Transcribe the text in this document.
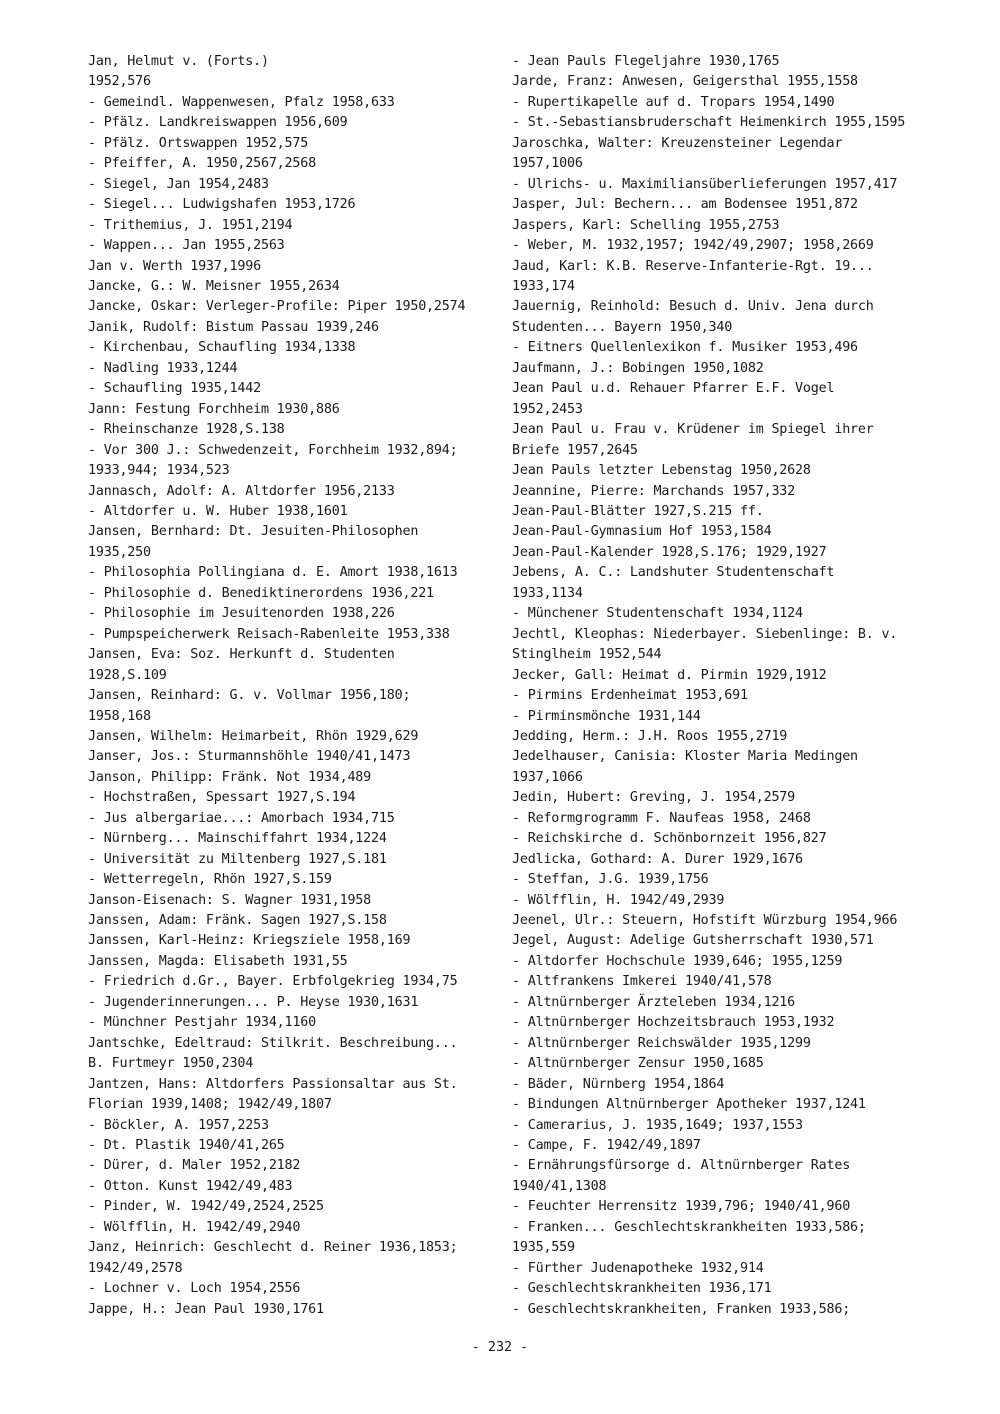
Jan, Helmut v. (Forts.)
1952,576
- Gemeindl. Wappenwesen, Pfalz 1958,633
- Pfälz. Landkreiswappen 1956,609
- Pfälz. Ortswappen 1952,575
- Pfeiffer, A. 1950,2567,2568
- Siegel, Jan 1954,2483
- Siegel... Ludwigshafen 1953,1726
- Trithemius, J. 1951,2194
- Wappen... Jan 1955,2563
Jan v. Werth 1937,1996
Jancke, G.: W. Meisner 1955,2634
Jancke, Oskar: Verleger-Profile: Piper 1950,2574
Janik, Rudolf: Bistum Passau 1939,246
- Kirchenbau, Schaufling 1934,1338
- Nadling 1933,1244
- Schaufling 1935,1442
Jann: Festung Forchheim 1930,886
- Rheinschanze 1928,S.138
- Vor 300 J.: Schwedenzeit, Forchheim 1932,894;
1933,944; 1934,523
Jannasch, Adolf: A. Altdorfer 1956,2133
- Altdorfer u. W. Huber 1938,1601
Jansen, Bernhard: Dt. Jesuiten-Philosophen
1935,250
- Philosophia Pollingiana d. E. Amort 1938,1613
- Philosophie d. Benediktinerordens 1936,221
- Philosophie im Jesuitenorden 1938,226
- Pumpspeicherwerk Reisach-Rabenleite 1953,338
Jansen, Eva: Soz. Herkunft d. Studenten
1928,S.109
Jansen, Reinhard: G. v. Vollmar 1956,180;
1958,168
Jansen, Wilhelm: Heimarbeit, Rhön 1929,629
Janser, Jos.: Sturmannshöhle 1940/41,1473
Janson, Philipp: Fränk. Not 1934,489
- Hochstraßen, Spessart 1927,S.194
- Jus albergariae...: Amorbach 1934,715
- Nürnberg... Mainschiffahrt 1934,1224
- Universität zu Miltenberg 1927,S.181
- Wetterregeln, Rhön 1927,S.159
Janson-Eisenach: S. Wagner 1931,1958
Janssen, Adam: Fränk. Sagen 1927,S.158
Janssen, Karl-Heinz: Kriegsziele 1958,169
Janssen, Magda: Elisabeth 1931,55
- Friedrich d.Gr., Bayer. Erbfolgekrieg 1934,75
- Jugenderinnerungen... P. Heyse 1930,1631
- Münchner Pestjahr 1934,1160
Jantschke, Edeltraud: Stilkrit. Beschreibung...
B. Furtmeyr 1950,2304
Jantzen, Hans: Altdorfers Passionsaltar aus St.
Florian 1939,1408; 1942/49,1807
- Böckler, A. 1957,2253
- Dt. Plastik 1940/41,265
- Dürer, d. Maler 1952,2182
- Otton. Kunst 1942/49,483
- Pinder, W. 1942/49,2524,2525
- Wölfflin, H. 1942/49,2940
Janz, Heinrich: Geschlecht d. Reiner 1936,1853;
1942/49,2578
- Lochner v. Loch 1954,2556
Jappe, H.: Jean Paul 1930,1761
- Jean Pauls Flegeljahre 1930,1765
Jarde, Franz: Anwesen, Geigersthal 1955,1558
- Rupertikapelle auf d. Tropars 1954,1490
- St.-Sebastiansbruderschaft Heimenkirch 1955,1595
Jaroschka, Walter: Kreuzensteiner Legendar
1957,1006
- Ulrichs- u. Maximiliansüberlieferungen 1957,417
Jasper, Jul: Bechern... am Bodensee 1951,872
Jaspers, Karl: Schelling 1955,2753
- Weber, M. 1932,1957; 1942/49,2907; 1958,2669
Jaud, Karl: K.B. Reserve-Infanterie-Rgt. 19...
1933,174
Jauernig, Reinhold: Besuch d. Univ. Jena durch
Studenten... Bayern 1950,340
- Eitners Quellenlexikon f. Musiker 1953,496
Jaufmann, J.: Bobingen 1950,1082
Jean Paul u.d. Rehauer Pfarrer E.F. Vogel
1952,2453
Jean Paul u. Frau v. Krüdener im Spiegel ihrer
Briefe 1957,2645
Jean Pauls letzter Lebenstag 1950,2628
Jeannine, Pierre: Marchands 1957,332
Jean-Paul-Blätter 1927,S.215 ff.
Jean-Paul-Gymnasium Hof 1953,1584
Jean-Paul-Kalender 1928,S.176; 1929,1927
Jebens, A. C.: Landshuter Studentenschaft
1933,1134
- Münchener Studentenschaft 1934,1124
Jechtl, Kleophas: Niederbayer. Siebenlinge: B. v.
Stinglheim 1952,544
Jecker, Gall: Heimat d. Pirmin 1929,1912
- Pirmins Erdenheimat 1953,691
- Pirminsmönche 1931,144
Jedding, Herm.: J.H. Roos 1955,2719
Jedelhauser, Canisia: Kloster Maria Medingen
1937,1066
Jedin, Hubert: Greving, J. 1954,2579
- Reformgrogramm F. Naufeas 1958, 2468
- Reichskirche d. Schönbornzeit 1956,827
Jedlicka, Gothard: A. Durer 1929,1676
- Steffan, J.G. 1939,1756
- Wölfflin, H. 1942/49,2939
Jeenel, Ulr.: Steuern, Hofstift Würzburg 1954,966
Jegel, August: Adelige Gutsherrschaft 1930,571
- Altdorfer Hochschule 1939,646; 1955,1259
- Altfrankens Imkerei 1940/41,578
- Altnürnberger Ärzteleben 1934,1216
- Altnürnberger Hochzeitsbrauch 1953,1932
- Altnürnberger Reichswälder 1935,1299
- Altnürnberger Zensur 1950,1685
- Bäder, Nürnberg 1954,1864
- Bindungen Altnürnberger Apotheker 1937,1241
- Camerarius, J. 1935,1649; 1937,1553
- Campe, F. 1942/49,1897
- Ernährungsfürsorge d. Altnürnberger Rates
1940/41,1308
- Feuchter Herrensitz 1939,796; 1940/41,960
- Franken... Geschlechtskrankheiten 1933,586;
1935,559
- Fürther Judenapotheke 1932,914
- Geschlechtskrankheiten 1936,171
- Geschlechtskrankheiten, Franken 1933,586;
- 232 -
